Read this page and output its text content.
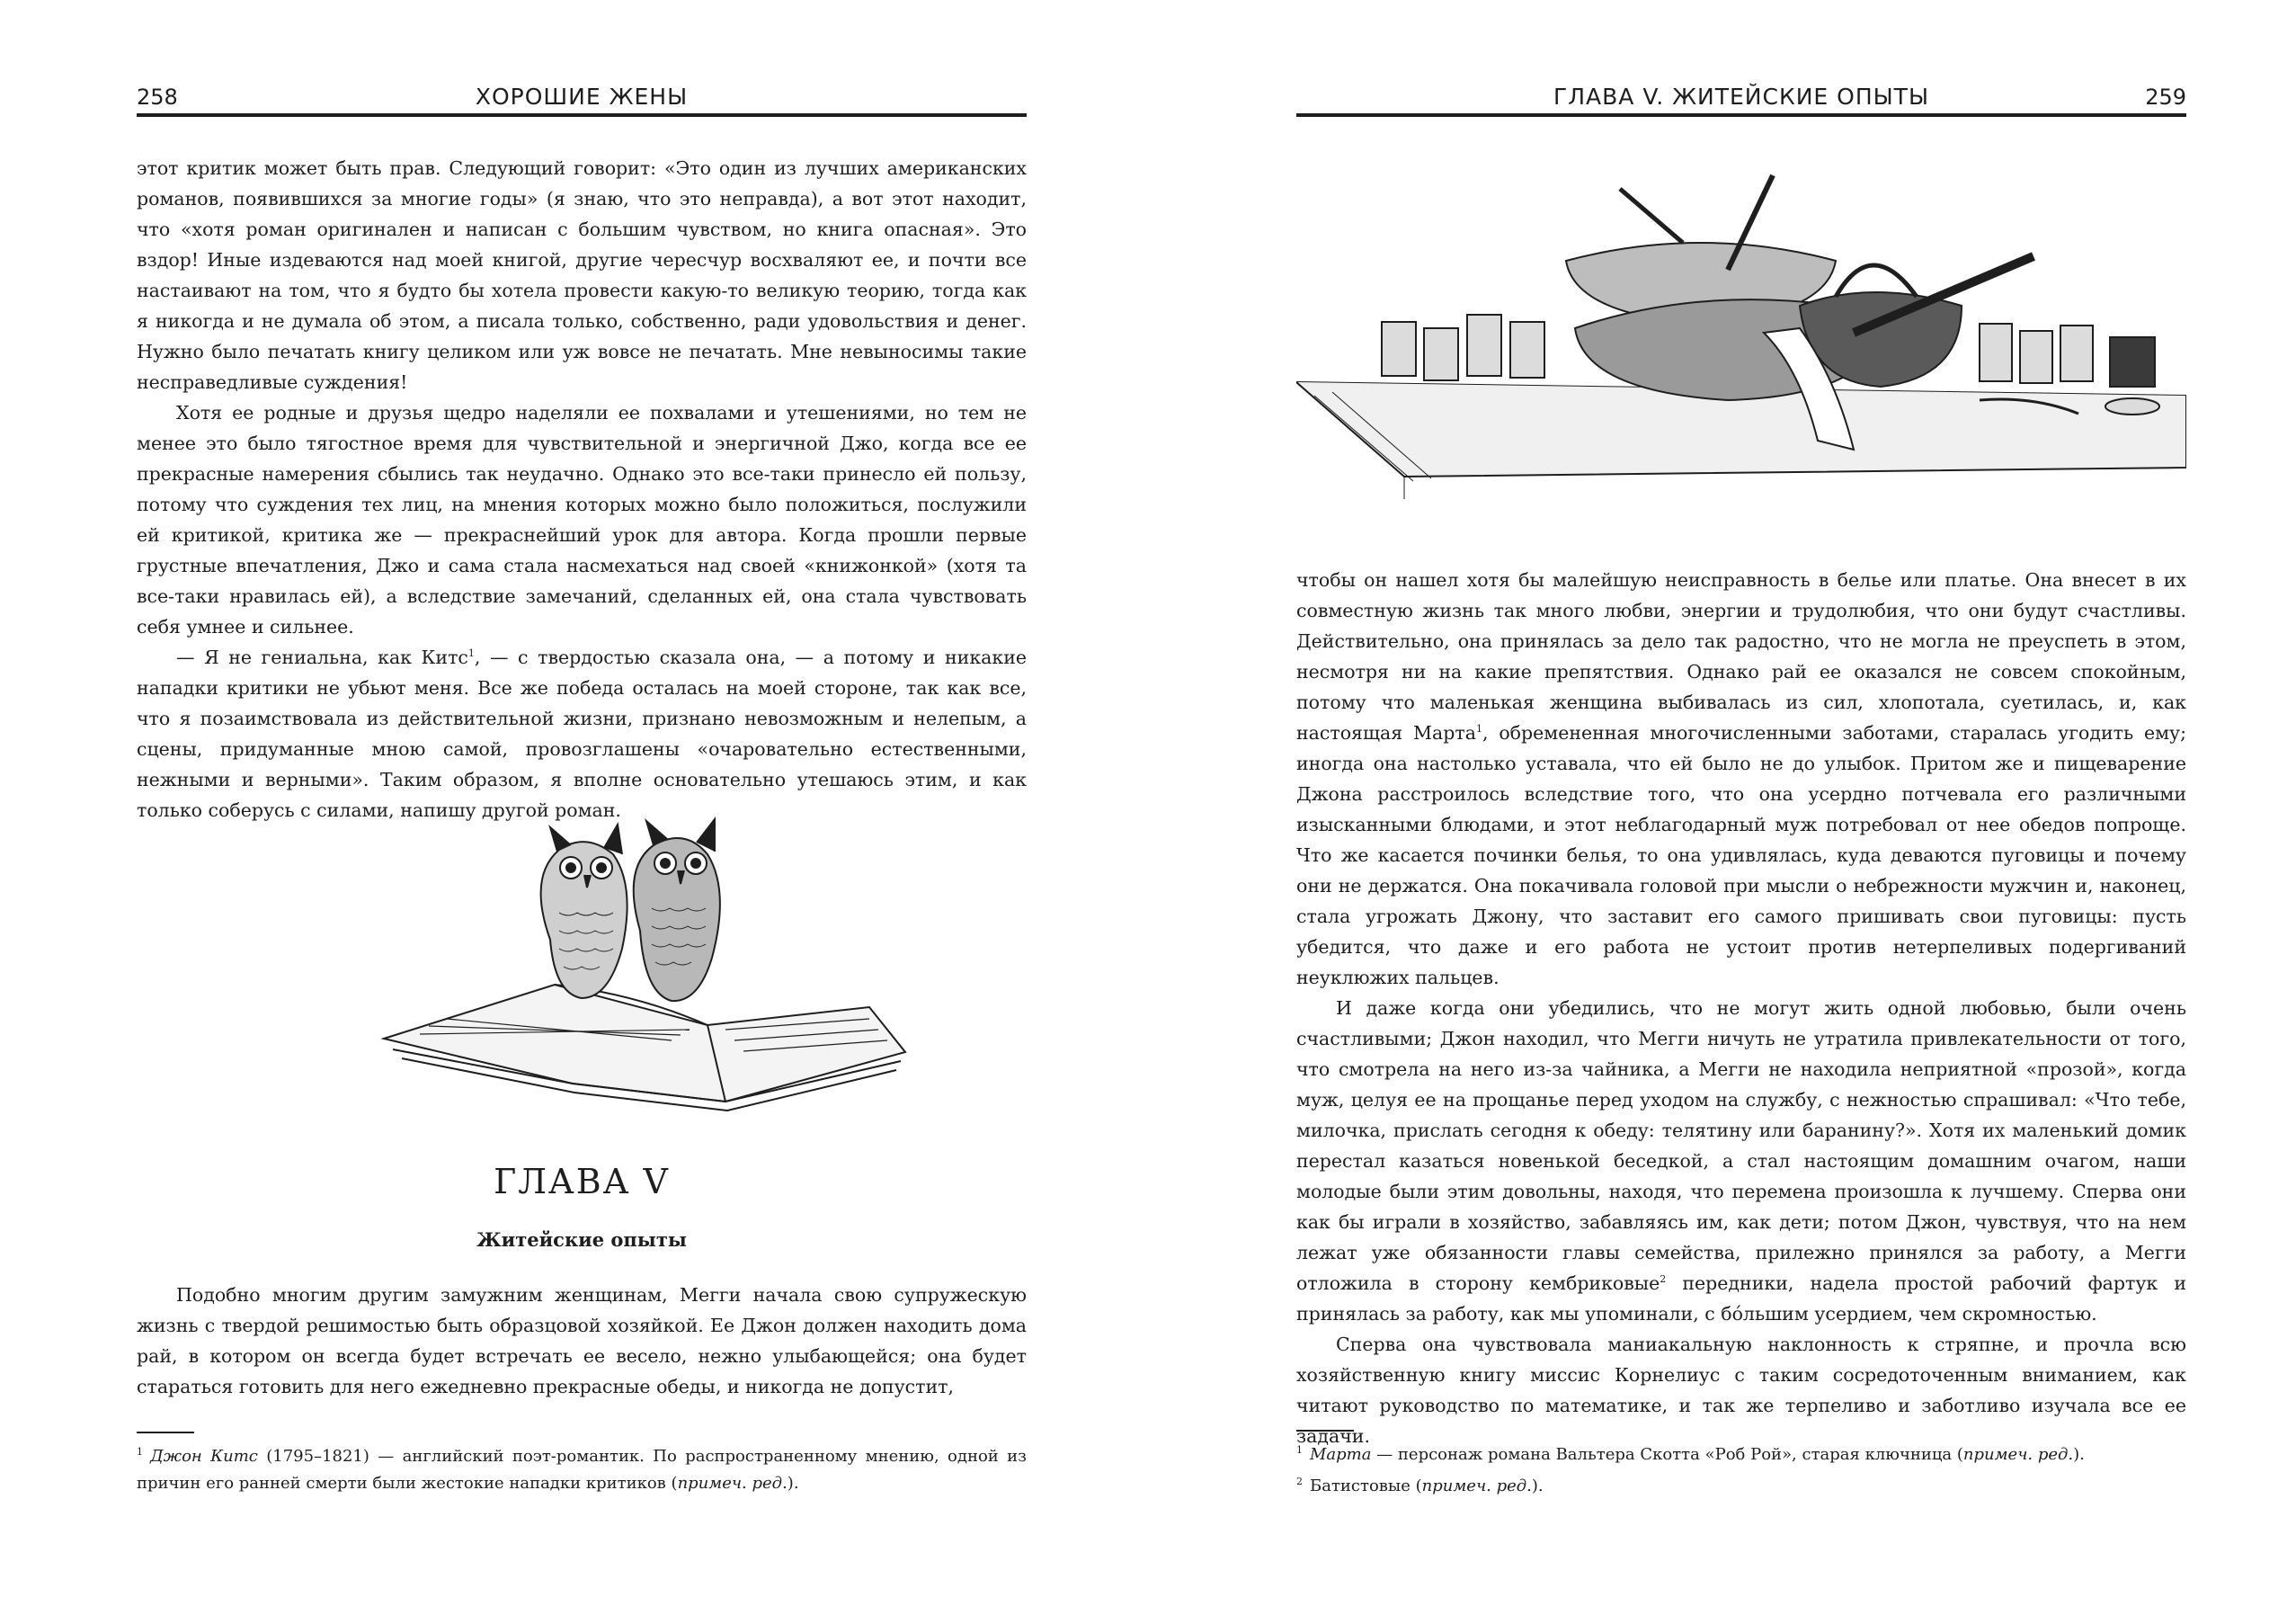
258	ХОРОШИЕ ЖЕНЫ

этот критик может быть прав. Следующий говорит: «Это один из лучших американских романов, появившихся за многие годы» (я знаю, что это неправда), а вот этот находит, что «хотя роман оригинален и написан с большим чувством, но книга опасная». Это вздор! Иные издеваются над моей книгой, другие чересчур восхваляют ее, и почти все настаивают на том, что я будто бы хотела провести какую-то великую теорию, тогда как я никогда и не думала об этом, а писала только, собственно, ради удовольствия и денег. Нужно было печатать книгу целиком или уж вовсе не печатать. Мне невыносимы такие несправедливые суждения!

Хотя ее родные и друзья щедро наделяли ее похвалами и утешениями, но тем не менее это было тягостное время для чувствительной и энергичной Джо, когда все ее прекрасные намерения сбылись так неудачно. Однако это все-таки принесло ей пользу, потому что суждения тех лиц, на мнения которых можно было положиться, послужили ей критикой, критика же — прекраснейший урок для автора. Когда прошли первые грустные впечатления, Джо и сама стала насмехаться над своей «книжонкой» (хотя та все-таки нравилась ей), а вследствие замечаний, сделанных ей, она стала чувствовать себя умнее и сильнее.

— Я не гениальна, как Китс$^1$, — с твердостью сказала она, — а потому и никакие нападки критики не убьют меня. Все же победа осталась на моей стороне, так как все, что я позаимствовала из действительной жизни, признано невозможным и нелепым, а сцены, придуманные мною самой, провозглашены «очаровательно естественными, нежными и верными». Таким образом, я вполне основательно утешаюсь этим, и как только соберусь с силами, напишу другой роман.

ГЛАВА V
Житейские опыты

Подобно многим другим замужним женщинам, Мегги начала свою супружескую жизнь с твердой решимостью быть образцовой хозяйкой. Ее Джон должен находить дома рай, в котором он всегда будет встречать ее весело, нежно улыбающейся; она будет стараться готовить для него ежедневно прекрасные обеды, и никогда не допустит,

$^1$ Джон Китс (1795–1821) — английский поэт-романтик. По распространенному мнению, одной из причин его ранней смерти были жестокие нападки критиков (примеч. ред.).

ГЛАВА V. ЖИТЕЙСКИЕ ОПЫТЫ	259

чтобы он нашел хотя бы малейшую неисправность в белье или платье. Она внесет в их совместную жизнь так много любви, энергии и трудолюбия, что они будут счастливы. Действительно, она принялась за дело так радостно, что не могла не преуспеть в этом, несмотря ни на какие препятствия. Однако рай ее оказался не совсем спокойным, потому что маленькая женщина выбивалась из сил, хлопотала, суетилась, и, как настоящая Марта$^1$, обремененная многочисленными заботами, старалась угодить ему; иногда она настолько уставала, что ей было не до улыбок. Притом же и пищеварение Джона расстроилось вследствие того, что она усердно потчевала его различными изысканными блюдами, и этот неблагодарный муж потребовал от нее обедов попроще. Что же касается починки белья, то она удивлялась, куда деваются пуговицы и почему они не держатся. Она покачивала головой при мысли о небрежности мужчин и, наконец, стала угрожать Джону, что заставит его самого пришивать свои пуговицы: пусть убедится, что даже и его работа не устоит против нетерпеливых подергиваний неуклюжих пальцев.

И даже когда они убедились, что не могут жить одной любовью, были очень счастливыми; Джон находил, что Мегги ничуть не утратила привлекательности от того, что смотрела на него из-за чайника, а Мегги не находила неприятной «прозой», когда муж, целуя ее на прощанье перед уходом на службу, с нежностью спрашивал: «Что тебе, милочка, прислать сегодня к обеду: телятину или баранину?». Хотя их маленький домик перестал казаться новенькой беседкой, а стал настоящим домашним очагом, наши молодые были этим довольны, находя, что перемена произошла к лучшему. Сперва они как бы играли в хозяйство, забавляясь им, как дети; потом Джон, чувствуя, что на нем лежат уже обязанности главы семейства, прилежно принялся за работу, а Мегги отложила в сторону кембриковые$^2$ передники, надела простой рабочий фартук и принялась за работу, как мы упоминали, с бóльшим усердием, чем скромностью.

Сперва она чувствовала маниакальную наклонность к стряпне, и прочла всю хозяйственную книгу миссис Корнелиус с таким сосредоточенным вниманием, как читают руководство по математике, и так же терпеливо и заботливо изучала все ее задачи.

$^1$ Марта — персонаж романа Вальтера Скотта «Роб Рой», старая ключница (примеч. ред.).

$^2$ Батистовые (примеч. ред.).
